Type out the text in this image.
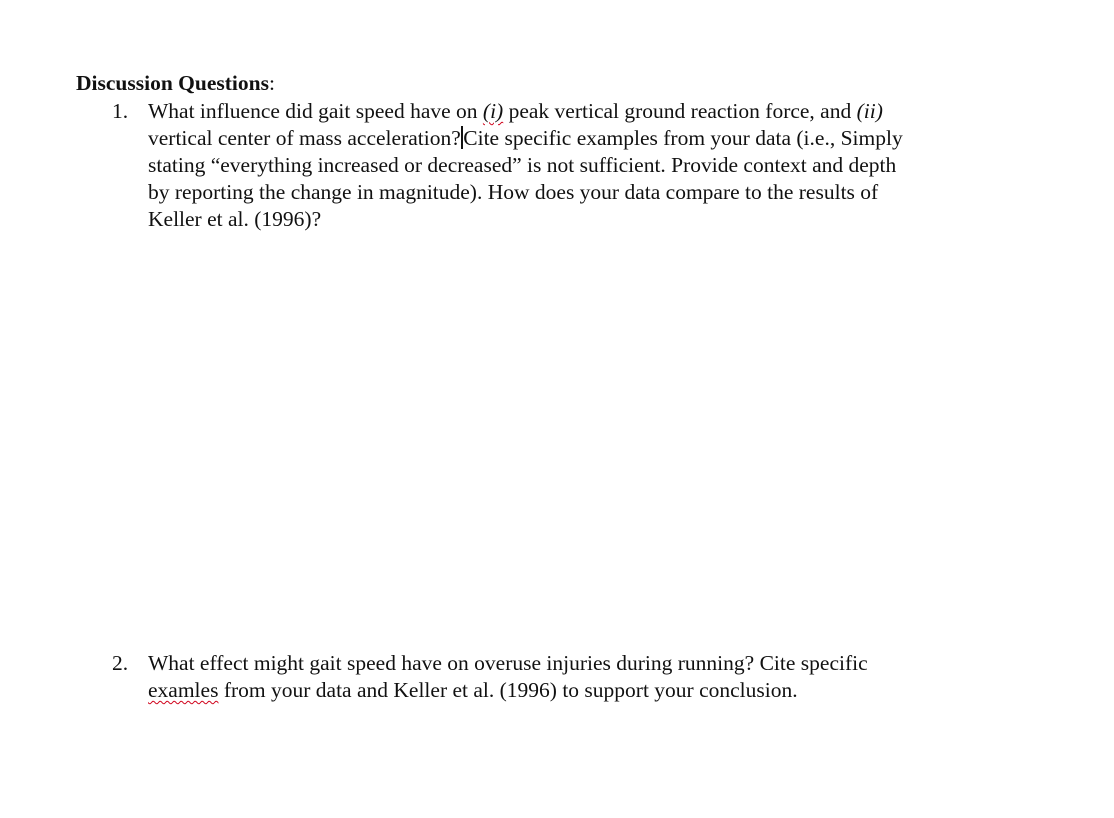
Discussion Questions:
1. What influence did gait speed have on (i) peak vertical ground reaction force, and (ii)
vertical center of mass acceleration? Cite specific examples from your data (i.e., Simply
stating “everything increased or decreased” is not sufficient. Provide context and depth
by reporting the change in magnitude). How does your data compare to the results of
Keller et al. (1996)?
2. What effect might gait speed have on overuse injuries during running? Cite specific
examles from your data and Keller et al. (1996) to support your conclusion.
